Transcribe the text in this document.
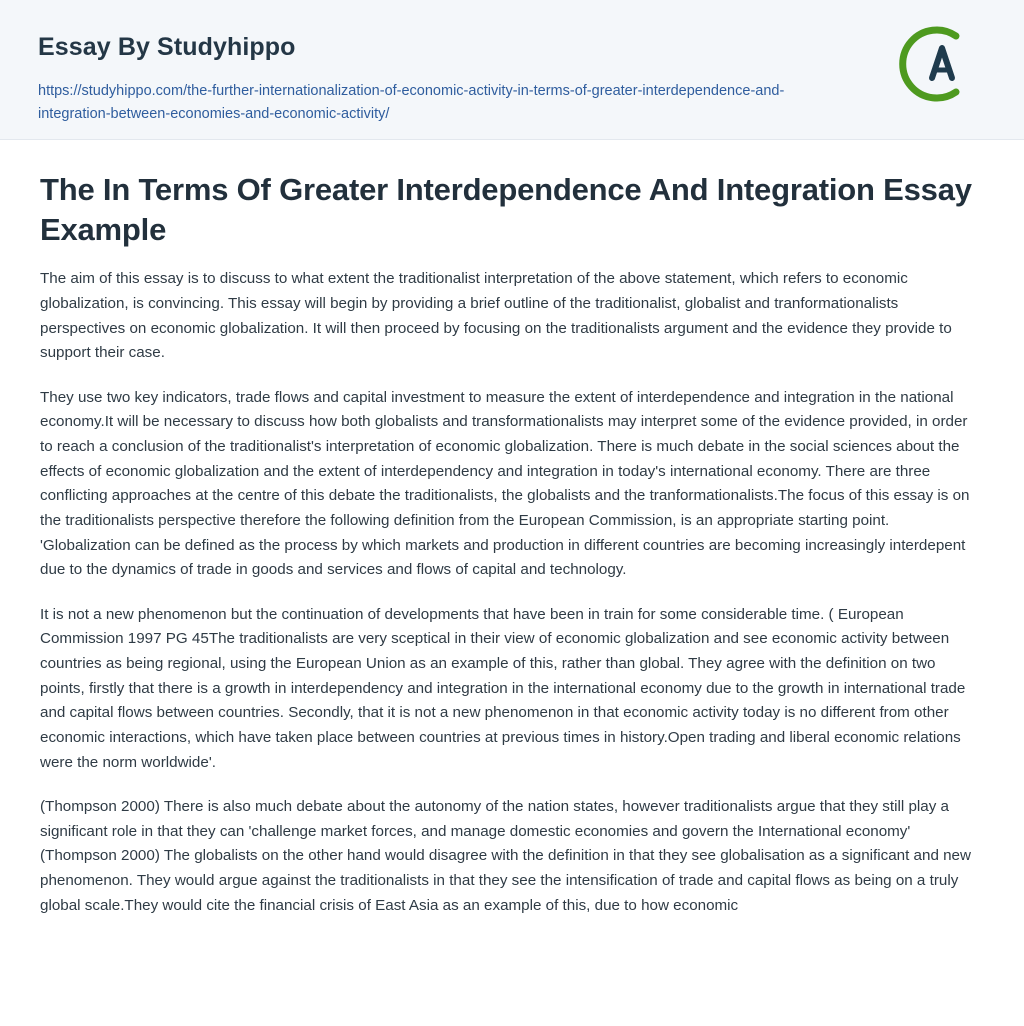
Essay By Studyhippo
https://studyhippo.com/the-further-internationalization-of-economic-activity-in-terms-of-greater-interdependence-and-integration-between-economies-and-economic-activity/
The In Terms Of Greater Interdependence And Integration Essay Example

The aim of this essay is to discuss to what extent the traditionalist interpretation of the above statement, which refers to economic globalization, is convincing. This essay will begin by providing a brief outline of the traditionalist, globalist and tranformationalists perspectives on economic globalization. It will then proceed by focusing on the traditionalists argument and the evidence they provide to support their case.

They use two key indicators, trade flows and capital investment to measure the extent of interdependence and integration in the national economy.It will be necessary to discuss how both globalists and transformationalists may interpret some of the evidence provided, in order to reach a conclusion of the traditionalist's interpretation of economic globalization. There is much debate in the social sciences about the effects of economic globalization and the extent of interdependency and integration in today's international economy. There are three conflicting approaches at the centre of this debate the traditionalists, the globalists and the tranformationalists.The focus of this essay is on the traditionalists perspective therefore the following definition from the European Commission, is an appropriate starting point. 'Globalization can be defined as the process by which markets and production in different countries are becoming increasingly interdepent due to the dynamics of trade in goods and services and flows of capital and technology.

It is not a new phenomenon but the continuation of developments that have been in train for some considerable time. ( European Commission 1997 PG 45The traditionalists are very sceptical in their view of economic globalization and see economic activity between countries as being regional, using the European Union as an example of this, rather than global. They agree with the definition on two points, firstly that there is a growth in interdependency and integration in the international economy due to the growth in international trade and capital flows between countries. Secondly, that it is not a new phenomenon in that economic activity today is no different from other economic interactions, which have taken place between countries at previous times in history.Open trading and liberal economic relations were the norm worldwide'.

(Thompson 2000) There is also much debate about the autonomy of the nation states, however traditionalists argue that they still play a significant role in that they can 'challenge market forces, and manage domestic economies and govern the International economy' (Thompson 2000) The globalists on the other hand would disagree with the definition in that they see globalisation as a significant and new phenomenon. They would argue against the traditionalists in that they see the intensification of trade and capital flows as being on a truly global scale.They would cite the financial crisis of East Asia as an example of this, due to how economic
